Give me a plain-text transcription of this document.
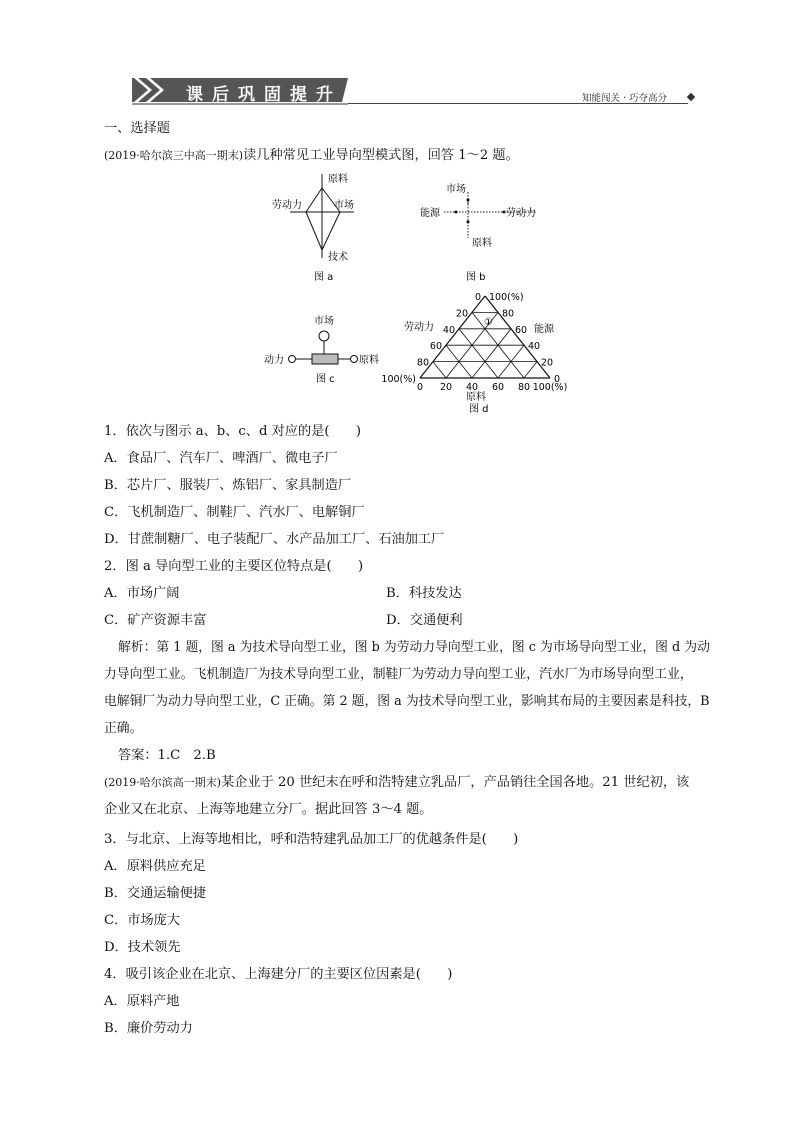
课后巩固提升	知能闯关 · 巧夺高分
一、选择题
(2019·哈尔滨三中高一期末)读几种常见工业导向型模式图，回答 1～2 题。
原料
劳动力	市场
技术
图 a
市场
能源	劳动力
原料
图 b
市场
动力	原料
图 c
0
20
40
60
80
100(%)
100(%)
80
60
40
20
0
0 20 40 60 80 100(%)
劳动力	能源
原料
①
图 d
1．依次与图示 a、b、c、d 对应的是(　　)
A．食品厂、汽车厂、啤酒厂、微电子厂
B．芯片厂、服装厂、炼铝厂、家具制造厂
C．飞机制造厂、制鞋厂、汽水厂、电解铜厂
D．甘蔗制糖厂、电子装配厂、水产品加工厂、石油加工厂
2．图 a 导向型工业的主要区位特点是(　　)
A．市场广阔	B．科技发达
C．矿产资源丰富	D．交通便利
解析：第 1 题，图 a 为技术导向型工业，图 b 为劳动力导向型工业，图 c 为市场导向型工业，图 d 为动
力导向型工业。飞机制造厂为技术导向型工业，制鞋厂为劳动力导向型工业，汽水厂为市场导向型工业，
电解铜厂为动力导向型工业，C 正确。第 2 题，图 a 为技术导向型工业，影响其布局的主要因素是科技，B
正确。
答案：1.C　2.B
(2019·哈尔滨高一期末)某企业于 20 世纪末在呼和浩特建立乳品厂，产品销往全国各地。21 世纪初，该
企业又在北京、上海等地建立分厂。据此回答 3～4 题。
3．与北京、上海等地相比，呼和浩特建乳品加工厂的优越条件是(　　)
A．原料供应充足
B．交通运输便捷
C．市场庞大
D．技术领先
4．吸引该企业在北京、上海建分厂的主要区位因素是(　　)
A．原料产地
B．廉价劳动力
